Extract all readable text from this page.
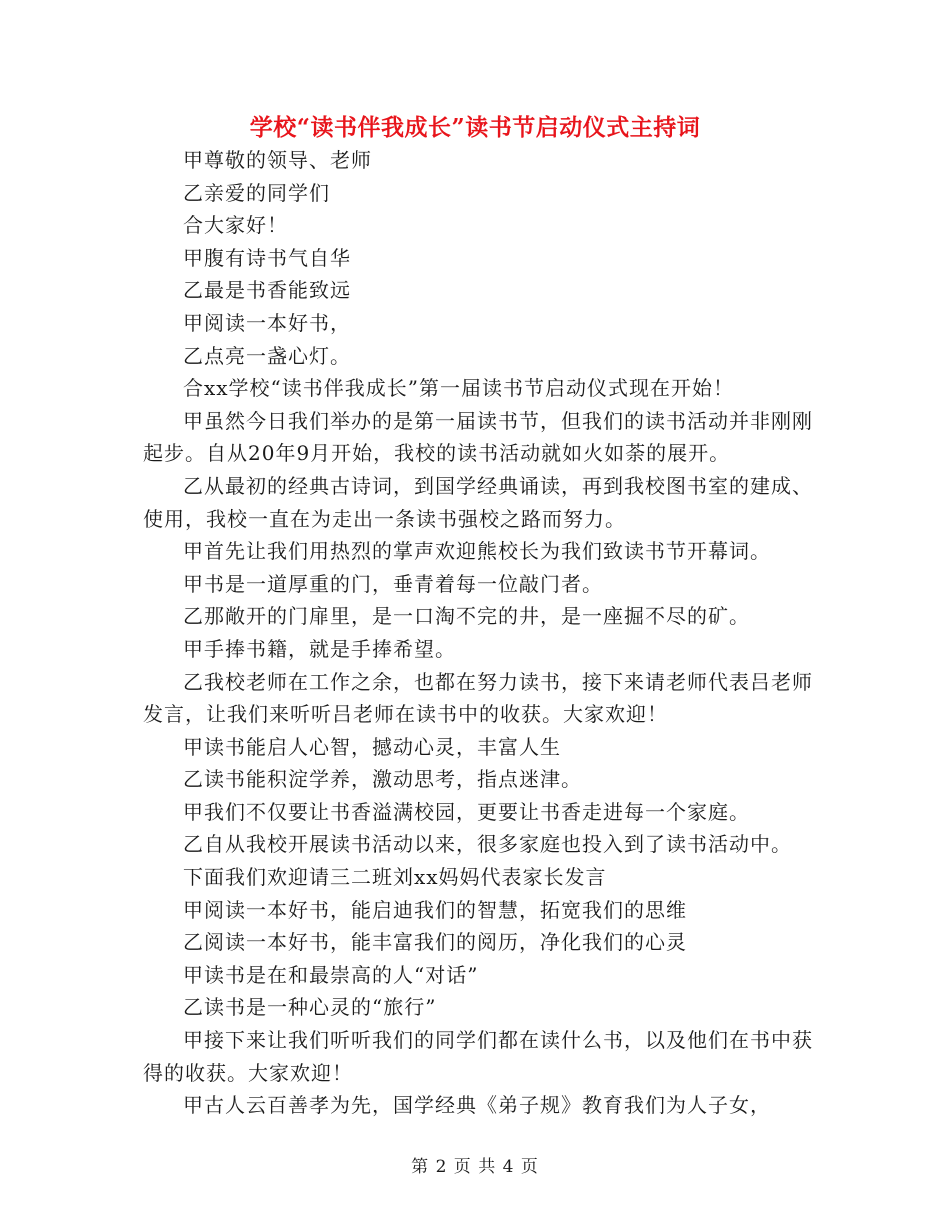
学校“读书伴我成长”读书节启动仪式主持词

甲尊敬的领导、老师

乙亲爱的同学们

合大家好！

甲腹有诗书气自华

乙最是书香能致远

甲阅读一本好书，

乙点亮一盏心灯。

合xx学校“读书伴我成长”第一届读书节启动仪式现在开始！

甲虽然今日我们举办的是第一届读书节，但我们的读书活动并非刚刚起步。自从20年9月开始，我校的读书活动就如火如荼的展开。

乙从最初的经典古诗词，到国学经典诵读，再到我校图书室的建成、使用，我校一直在为走出一条读书强校之路而努力。

甲首先让我们用热烈的掌声欢迎熊校长为我们致读书节开幕词。

甲书是一道厚重的门，垂青着每一位敲门者。

乙那敞开的门扉里，是一口淘不完的井，是一座掘不尽的矿。

甲手捧书籍，就是手捧希望。

乙我校老师在工作之余，也都在努力读书，接下来请老师代表吕老师发言，让我们来听听吕老师在读书中的收获。大家欢迎！

甲读书能启人心智，撼动心灵，丰富人生

乙读书能积淀学养，激动思考，指点迷津。

甲我们不仅要让书香溢满校园，更要让书香走进每一个家庭。

乙自从我校开展读书活动以来，很多家庭也投入到了读书活动中。

下面我们欢迎请三二班刘xx妈妈代表家长发言

甲阅读一本好书，能启迪我们的智慧，拓宽我们的思维

乙阅读一本好书，能丰富我们的阅历，净化我们的心灵

甲读书是在和最崇高的人“对话”

乙读书是一种心灵的“旅行”

甲接下来让我们听听我们的同学们都在读什么书，以及他们在书中获得的收获。大家欢迎！

甲古人云百善孝为先，国学经典《弟子规》教育我们为人子女，

第 2 页 共 4 页
